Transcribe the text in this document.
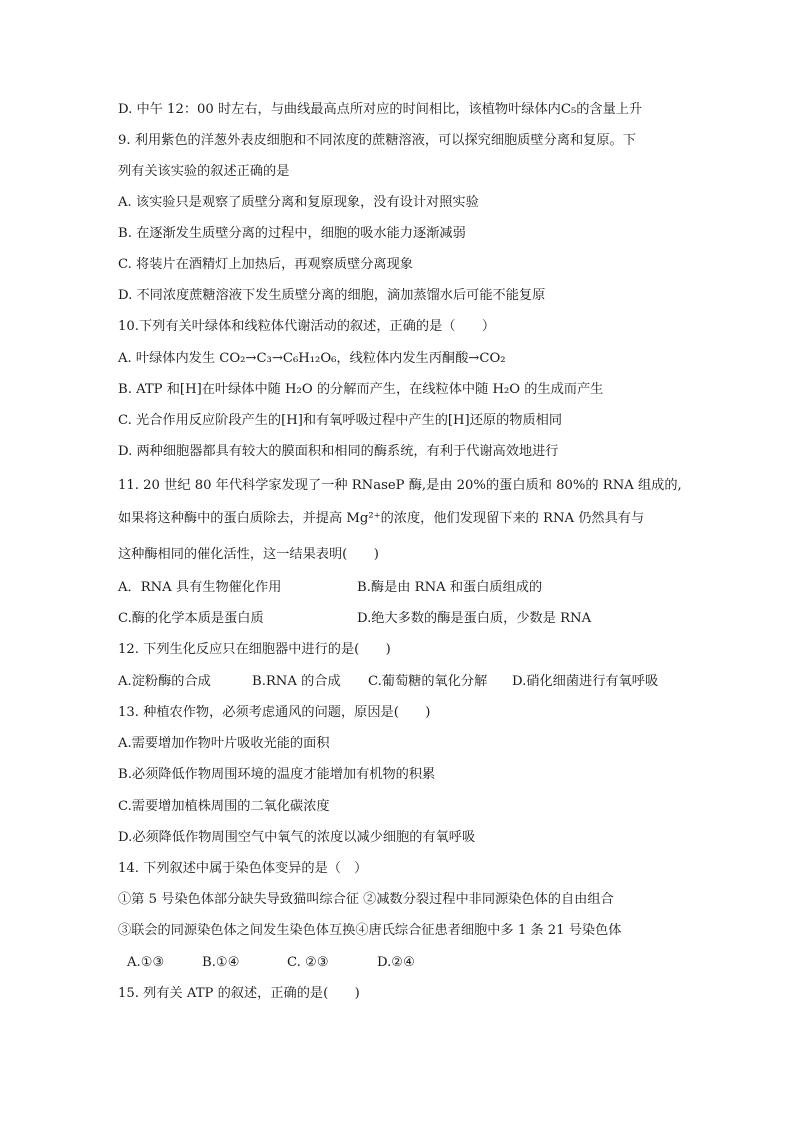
D. 中午 12：00 时左右，与曲线最高点所对应的时间相比，该植物叶绿体内C₅的含量上升
9. 利用紫色的洋葱外表皮细胞和不同浓度的蔗糖溶液，可以探究细胞质壁分离和复原。下
列有关该实验的叙述正确的是
A. 该实验只是观察了质壁分离和复原现象，没有设计对照实验
B. 在逐渐发生质壁分离的过程中，细胞的吸水能力逐渐减弱
C. 将装片在酒精灯上加热后，再观察质壁分离现象
D. 不同浓度蔗糖溶液下发生质壁分离的细胞，滴加蒸馏水后可能不能复原
10.下列有关叶绿体和线粒体代谢活动的叙述，正确的是（　　）
A. 叶绿体内发生 CO₂→C₃→C₆H₁₂O₆，线粒体内发生丙酮酸→CO₂
B. ATP 和[H]在叶绿体中随 H₂O 的分解而产生，在线粒体中随 H₂O 的生成而产生
C. 光合作用反应阶段产生的[H]和有氧呼吸过程中产生的[H]还原的物质相同
D. 两种细胞器都具有较大的膜面积和相同的酶系统，有利于代谢高效地进行
11. 20 世纪 80 年代科学家发现了一种 RNaseP 酶,是由 20%的蛋白质和 80%的 RNA 组成的,
如果将这种酶中的蛋白质除去，并提高 Mg²⁺的浓度，他们发现留下来的 RNA 仍然具有与
这种酶相同的催化活性，这一结果表明(　　)
A．RNA 具有生物催化作用	B.酶是由 RNA 和蛋白质组成的
C.酶的化学本质是蛋白质	D.绝大多数的酶是蛋白质，少数是 RNA
12. 下列生化反应只在细胞器中进行的是(　　)
A.淀粉酶的合成	B.RNA 的合成 C.葡萄糖的氧化分解 D.硝化细菌进行有氧呼吸
13. 种植农作物，必须考虑通风的问题，原因是(　　)
A.需要增加作物叶片吸收光能的面积
B.必须降低作物周围环境的温度才能增加有机物的积累
C.需要增加植株周围的二氧化碳浓度
D.必须降低作物周围空气中氧气的浓度以减少细胞的有氧呼吸
14. 下列叙述中属于染色体变异的是（　）
①第 5 号染色体部分缺失导致猫叫综合征 ②减数分裂过程中非同源染色体的自由组合
③联会的同源染色体之间发生染色体互换④唐氏综合征患者细胞中多 1 条 21 号染色体
A.①③	B.①④	C. ②③	D.②④
15. 列有关 ATP 的叙述，正确的是(　　)
